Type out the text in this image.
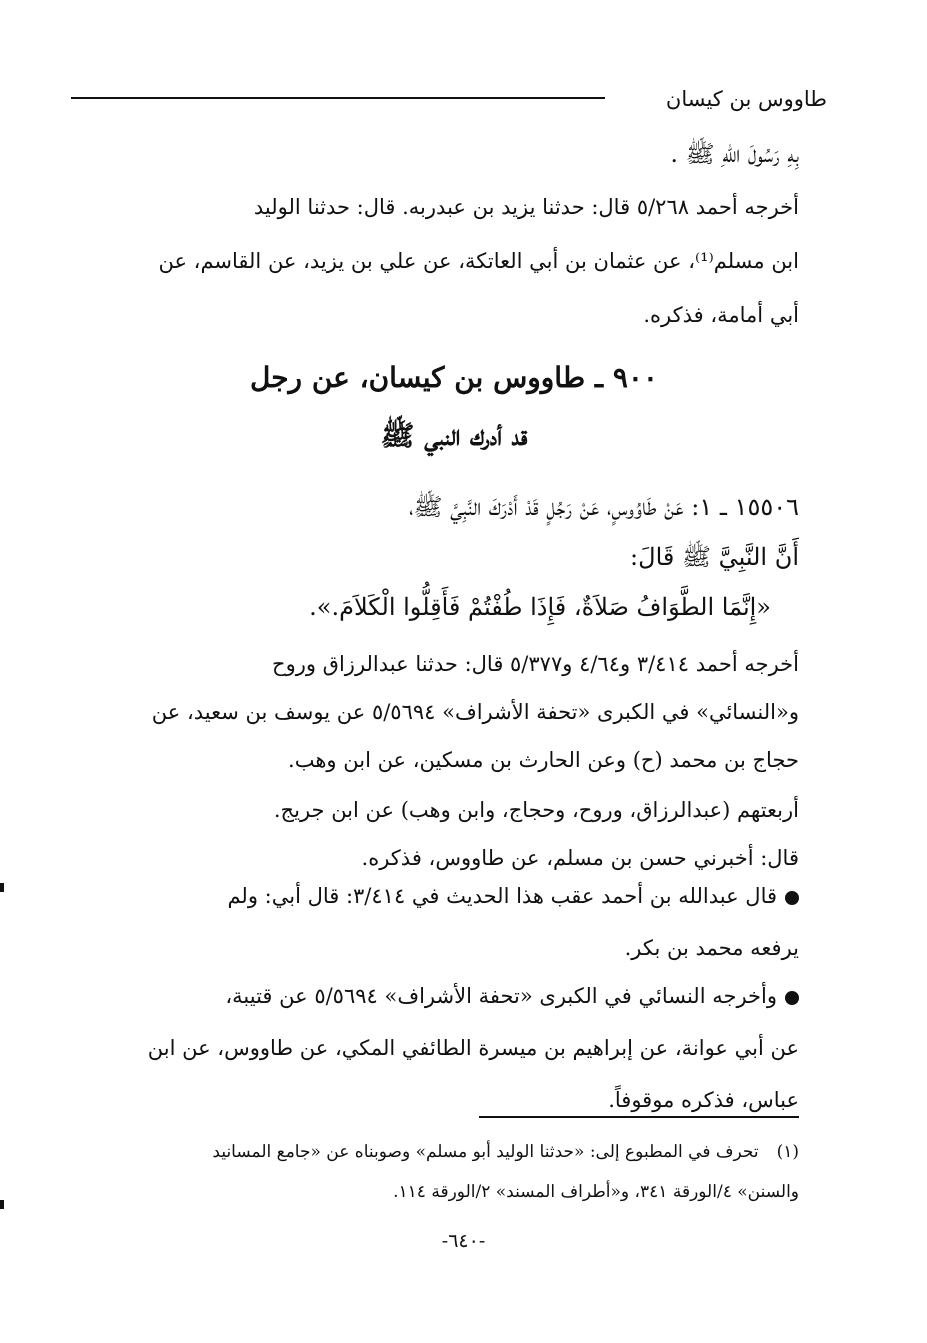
طاووس بن كيسان
بِهِ رَسُولَ اللهِ ﷺ .
أخرجه أحمد ٥/٢٦٨ قال: حدثنا يزيد بن عبدربه. قال: حدثنا الوليد
ابن مسلم⁽¹⁾، عن عثمان بن أبي العاتكة، عن علي بن يزيد، عن القاسم، عن
أبي أمامة، فذكره.
٩٠٠ ـ طاووس بن كيسان، عن رجل
قد أدرك النبي ﷺ
١٥٥٠٦ ـ ١: عَنْ طَاوُوسٍ، عَنْ رَجُلٍ قَدْ أَدْرَكَ النَّبِيَّ ﷺ،
أَنَّ النَّبِيَّ ﷺ قَالَ:
«إِنَّمَا الطَّوَافُ صَلاَةٌ، فَإِذَا طُفْتُمْ فَأَقِلُّوا الْكَلاَمَ.».
أخرجه أحمد ٣/٤١٤ و٤/٦٤ و٥/٣٧٧ قال: حدثنا عبدالرزاق وروح
و«النسائي» في الكبرى «تحفة الأشراف» ٥/٥٦٩٤ عن يوسف بن سعيد، عن
حجاج بن محمد (ح) وعن الحارث بن مسكين، عن ابن وهب.
أربعتهم (عبدالرزاق، وروح، وحجاج، وابن وهب) عن ابن جريج.
قال: أخبرني حسن بن مسلم، عن طاووس، فذكره.
قال عبدالله بن أحمد عقب هذا الحديث في ٣/٤١٤: قال أبي: ولم
يرفعه محمد بن بكر.
وأخرجه النسائي في الكبرى «تحفة الأشراف» ٥/٥٦٩٤ عن قتيبة،
عن أبي عوانة، عن إبراهيم بن ميسرة الطائفي المكي، عن طاووس، عن ابن
عباس، فذكره موقوفاً.
(١)تحرف في المطبوع إلى: «حدثنا الوليد أبو مسلم» وصوبناه عن «جامع المسانيد
والسنن» ٤/الورقة ٣٤١، و«أطراف المسند» ٢/الورقة ١١٤.
-٦٤٠-
